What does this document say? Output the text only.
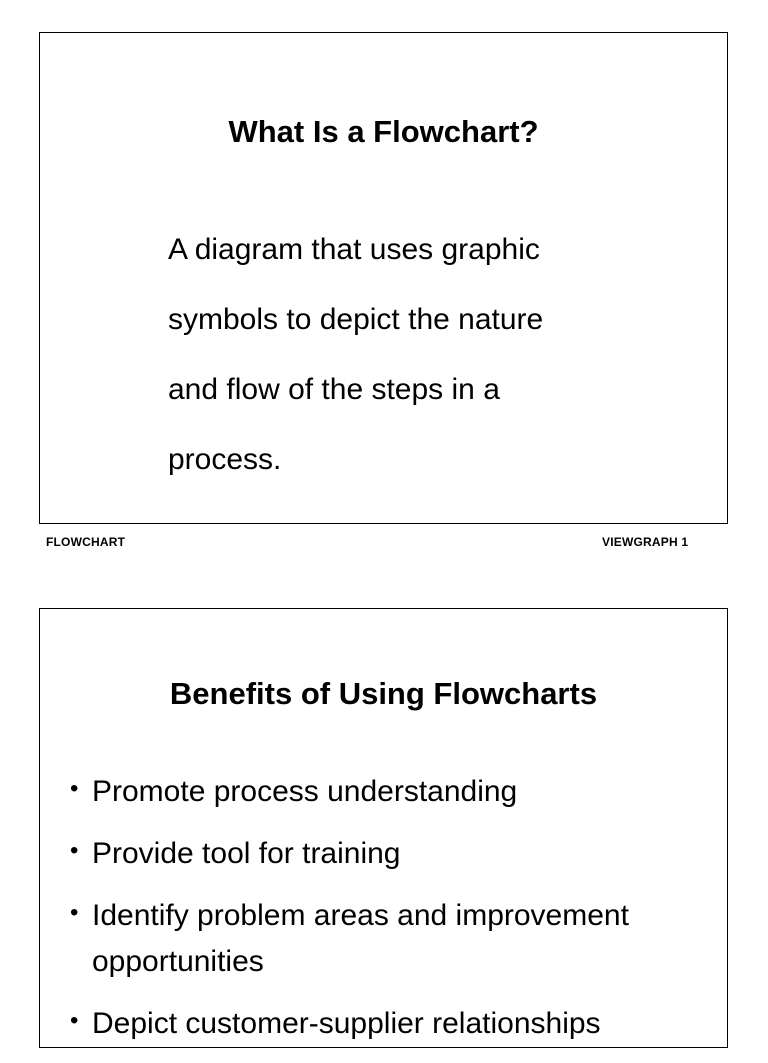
What Is a Flowchart?

A diagram that uses graphic
symbols to depict the nature
and flow of the steps in a
process.

FLOWCHART	VIEWGRAPH 1
Benefits of Using Flowcharts
• Promote process understanding
• Provide tool for training
• Identify problem areas and improvement
opportunities
• Depict customer-supplier relationships
